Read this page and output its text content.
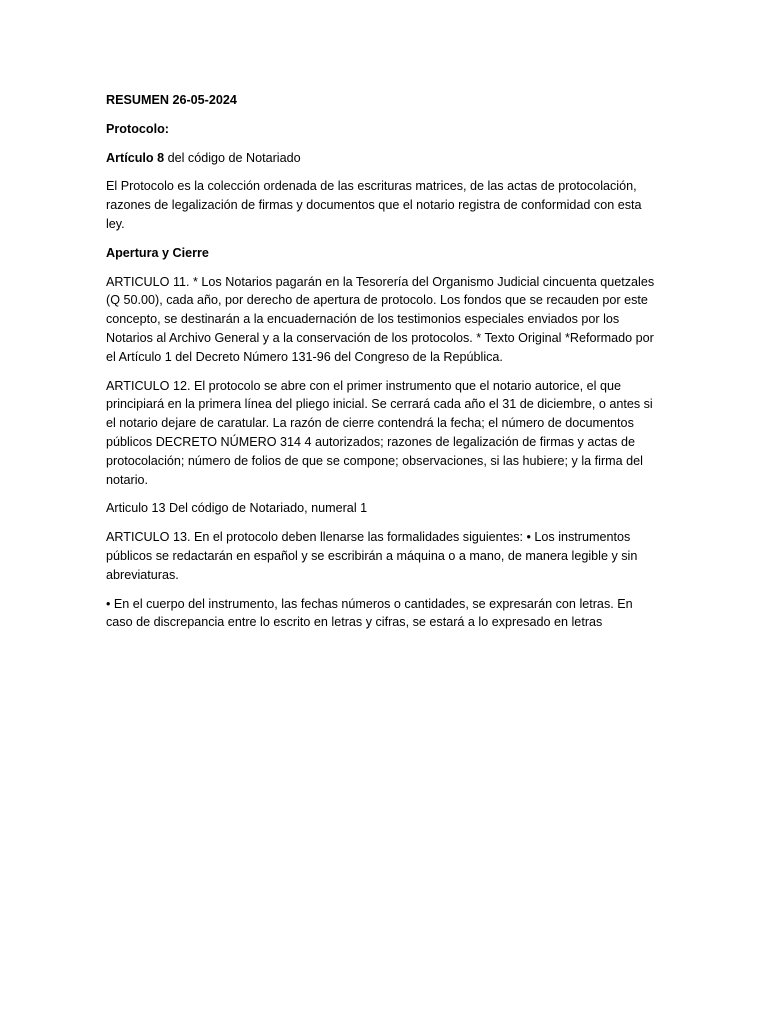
RESUMEN 26-05-2024

Protocolo:

Artículo 8 del código de Notariado

El Protocolo es la colección ordenada de las escrituras matrices, de las actas de protocolación, razones de legalización de firmas y documentos que el notario registra de conformidad con esta ley.

Apertura y Cierre

ARTICULO 11. * Los Notarios pagarán en la Tesorería del Organismo Judicial cincuenta quetzales (Q 50.00), cada año, por derecho de apertura de protocolo. Los fondos que se recauden por este concepto, se destinarán a la encuadernación de los testimonios especiales enviados por los Notarios al Archivo General y a la conservación de los protocolos. * Texto Original *Reformado por el Artículo 1 del Decreto Número 131-96 del Congreso de la República.

ARTICULO 12. El protocolo se abre con el primer instrumento que el notario autorice, el que principiará en la primera línea del pliego inicial. Se cerrará cada año el 31 de diciembre, o antes si el notario dejare de caratular. La razón de cierre contendrá la fecha; el número de documentos públicos DECRETO NÚMERO 314 4 autorizados; razones de legalización de firmas y actas de protocolación; número de folios de que se compone; observaciones, si las hubiere; y la firma del notario.

Articulo 13 Del código de Notariado, numeral 1

ARTICULO 13. En el protocolo deben llenarse las formalidades siguientes: • Los instrumentos públicos se redactarán en español y se escribirán a máquina o a mano, de manera legible y sin abreviaturas.

• En el cuerpo del instrumento, las fechas números o cantidades, se expresarán con letras. En caso de discrepancia entre lo escrito en letras y cifras, se estará a lo expresado en letras
